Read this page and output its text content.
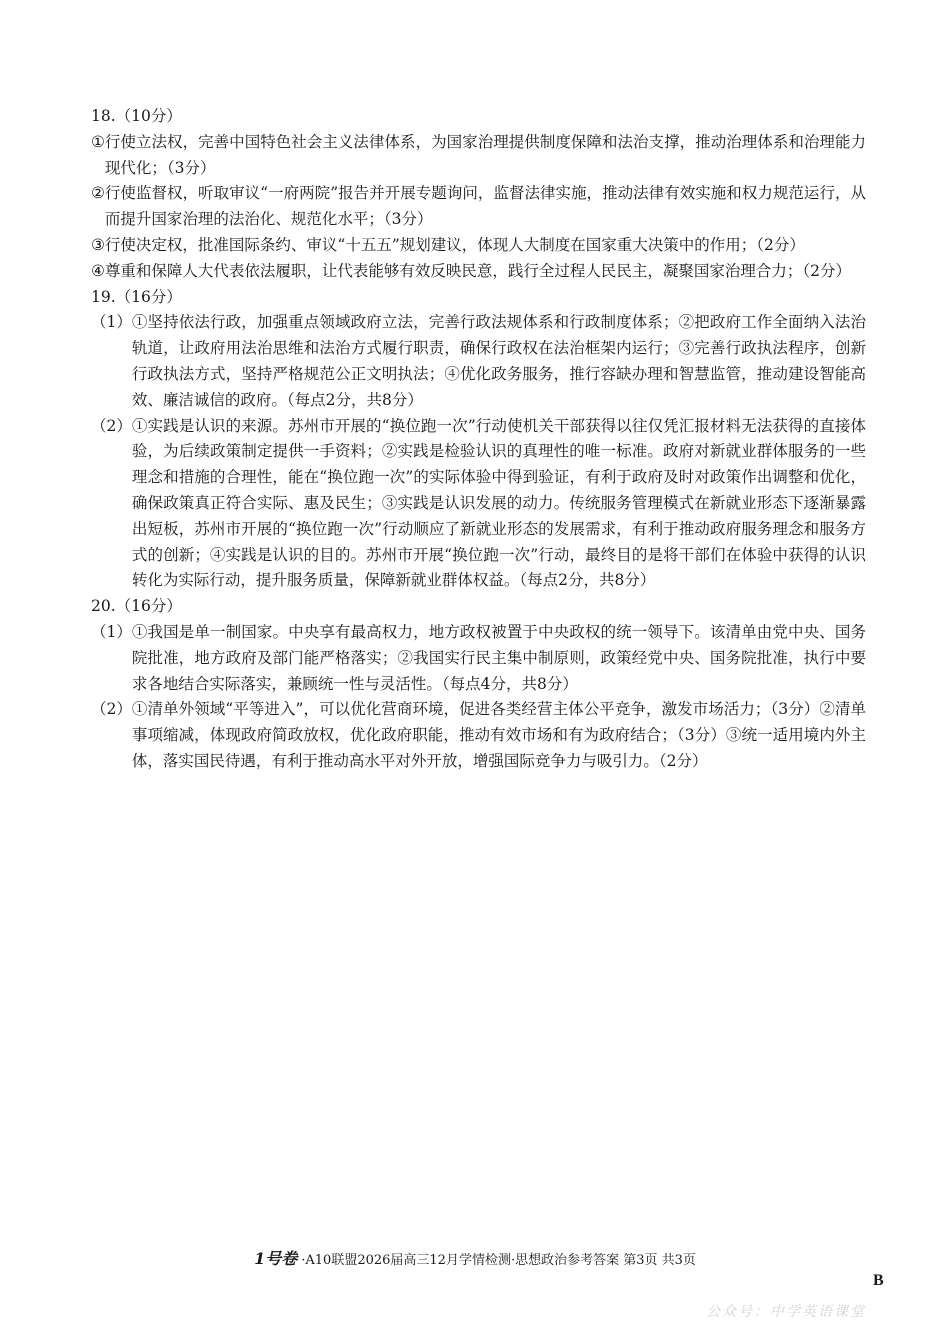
18.（10分）

① 行使立法权，完善中国特色社会主义法律体系，为国家治理提供制度保障和法治支撑，推动治理体系和治理能力现代化；（3分）
② 行使监督权，听取审议“一府两院”报告并开展专题询问，监督法律实施，推动法律有效实施和权力规范运行，从而提升国家治理的法治化、规范化水平；（3分）
③ 行使决定权，批准国际条约、审议“十五五”规划建议，体现人大制度在国家重大决策中的作用；（2分）
④ 尊重和保障人大代表依法履职，让代表能够有效反映民意，践行全过程人民民主，凝聚国家治理合力；（2分）

19.（16分）

（1） ①坚持依法行政，加强重点领域政府立法，完善行政法规体系和行政制度体系；②把政府工作全面纳入法治轨道，让政府用法治思维和法治方式履行职责，确保行政权在法治框架内运行；③完善行政执法程序，创新行政执法方式，坚持严格规范公正文明执法；④优化政务服务，推行容缺办理和智慧监管，推动建设智能高效、廉洁诚信的政府。（每点2分，共8分）
（2） ①实践是认识的来源。苏州市开展的“换位跑一次”行动使机关干部获得以往仅凭汇报材料无法获得的直接体验，为后续政策制定提供一手资料；②实践是检验认识的真理性的唯一标准。政府对新就业群体服务的一些理念和措施的合理性，能在“换位跑一次”的实际体验中得到验证，有利于政府及时对政策作出调整和优化，确保政策真正符合实际、惠及民生；③实践是认识发展的动力。传统服务管理模式在新就业形态下逐渐暴露出短板，苏州市开展的“换位跑一次”行动顺应了新就业形态的发展需求，有利于推动政府服务理念和服务方式的创新；④实践是认识的目的。苏州市开展“换位跑一次”行动，最终目的是将干部们在体验中获得的认识转化为实际行动，提升服务质量，保障新就业群体权益。（每点2分，共8分）

20.（16分）

（1） ①我国是单一制国家。中央享有最高权力，地方政权被置于中央政权的统一领导下。该清单由党中央、国务院批准，地方政府及部门能严格落实；②我国实行民主集中制原则，政策经党中央、国务院批准，执行中要求各地结合实际落实，兼顾统一性与灵活性。（每点4分，共8分）
（2） ①清单外领域“平等进入”，可以优化营商环境，促进各类经营主体公平竞争，激发市场活力；（3分）②清单事项缩减，体现政府简政放权，优化政府职能，推动有效市场和有为政府结合；（3分）③统一适用境内外主体，落实国民待遇，有利于推动高水平对外开放，增强国际竞争力与吸引力。（2分）
1号卷 ·A10联盟2026届高三12月学情检测·思想政治参考答案 第3页 共3页
B
公众号：中学英语课堂
